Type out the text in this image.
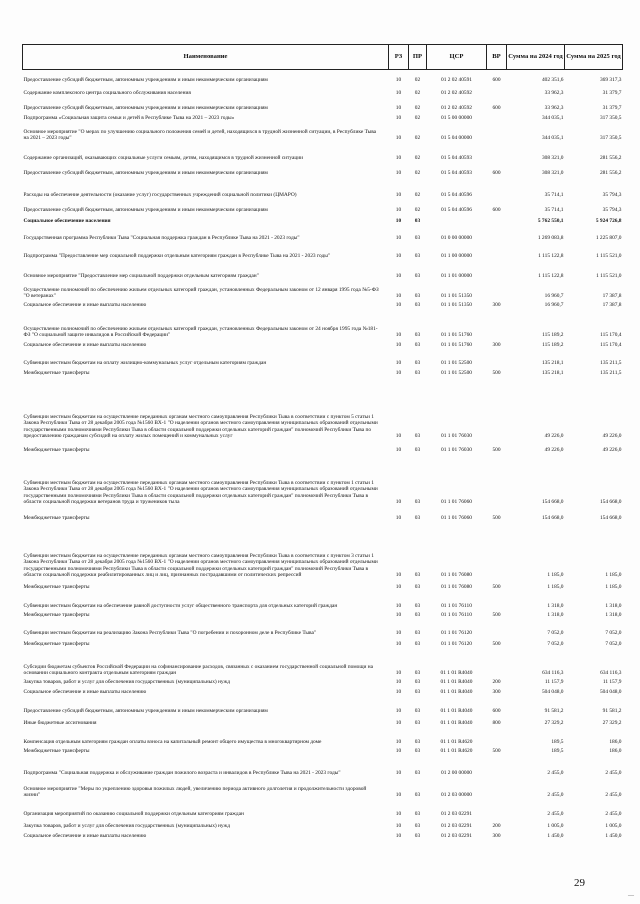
Наименование	РЗ	ПР	ЦСР	ВР	Сумма на 2024 год	Сумма на 2025 год
Предоставление субсидий бюджетным, автономным учреждениям и иным некоммерческим организациям	10	02	01 2 02 40591	600	402 351,6	369 317,3
Содержание комплексного центра социального обслуживания населения	10	02	01 2 02 40592		33 962,3	31 379,7
Предоставление субсидий бюджетным, автономным учреждениям и иным некоммерческим организациям	10	02	01 2 02 40592	600	33 962,3	31 379,7
Подпрограмма «Социальная защита семьи и детей в Республике Тыва на 2021 – 2023 годы»	10	02	01 5 00 00000		344 035,1	317 350,5
Основное мероприятие "О мерах по улучшению социального положения семей и детей, находящихся в трудной жизненной ситуации, в Республике Тыва на 2021 – 2023 годы"	10	02	01 5 04 00000		344 035,1	317 350,5
Содержание организаций, оказывающих социальные услуги семьям, детям, находящимся в трудной жизненной ситуации	10	02	01 5 04 40593		308 321,0	281 556,2
Предоставление субсидий бюджетным, автономным учреждениям и иным некоммерческим организациям	10	02	01 5 04 40593	600	308 321,0	281 556,2
Расходы на обеспечение деятельности (оказание услуг) государственных учреждений социальной политики (ЦМАРО)	10	02	01 5 04 40596		35 714,1	35 794,3
Предоставление субсидий бюджетным, автономным учреждениям и иным некоммерческим организациям	10	02	01 5 04 40596	600	35 714,1	35 794,3
Социальное обеспечение населения	10	03			5 762 550,1	5 924 726,8
Государственная программа Республики Тыва "Социальная поддержка граждан в Республике Тыва на 2021 - 2023 годы"	10	03	01 0 00 00000		1 269 083,8	1 225 807,0
Подпрограмма "Предоставление мер социальной поддержки отдельным категориям граждан в Республике Тыва на 2021 - 2023 годы"	10	03	01 1 00 00000		1 115 122,8	1 115 521,0
Основное мероприятие "Предоставление мер социальной поддержки отдельным категориям граждан"	10	03	01 1 01 00000		1 115 122,8	1 115 521,0
Осуществление полномочий по обеспечению жильем отдельных категорий граждан, установленных Федеральным законом от 12 января 1995 года №5-ФЗ "О ветеранах"	10	03	01 1 01 51350		16 960,7	17 387,8
Социальное обеспечение и иные выплаты населению	10	03	01 1 01 51350	300	16 960,7	17 387,8
Осуществление полномочий по обеспечению жильем отдельных категорий граждан, установленных Федеральным законом от 24 ноября 1995 года №181-ФЗ "О социальной защите инвалидов в Российской Федерации"	10	03	01 1 01 51760		115 189,2	115 170,4
Социальное обеспечение и иные выплаты населению	10	03	01 1 01 51760	300	115 189,2	115 170,4
Субвенции местным бюджетам на оплату жилищно-коммунальных услуг отдельным категориям граждан	10	03	01 1 01 52500		135 218,1	135 211,5
Межбюджетные трансферты	10	03	01 1 01 52500	500	135 218,1	135 211,5
Субвенции местным бюджетам на осуществление переданных органам местного самоуправления Республики Тыва в соответствии с пунктом 5 статьи 1 Закона Республики Тыва от 28 декабря 2005 года №1560 ВХ-1 "О наделении органов местного самоуправления муниципальных образований отдельными государственными полномочиями Республики Тыва в области социальной поддержки отдельных категорий граждан" полномочий Республики Тыва по предоставлению гражданам субсидий на оплату жилых помещений и коммунальных услуг	10	03	01 1 01 76030		49 226,0	49 226,0
Межбюджетные трансферты	10	03	01 1 01 76030	500	49 226,0	49 226,0
Субвенции местным бюджетам на осуществление переданных органам местного самоуправления Республики Тыва в соответствии с пунктом 1 статьи 1 Закона Республики Тыва от 28 декабря 2005 года №1560 ВХ-1 "О наделении органов местного самоуправления муниципальных образований отдельными государственными полномочиями Республики Тыва в области социальной поддержки отдельных категорий граждан" полномочий Республики Тыва в области социальной поддержки ветеранов труда и тружеников тыла	10	03	01 1 01 76060		154 668,0	154 668,0
Межбюджетные трансферты	10	03	01 1 01 76060	500	154 668,0	154 668,0
Субвенции местным бюджетам на осуществление переданных органам местного самоуправления Республики Тыва в соответствии с пунктом 3 статьи 1 Закона Республики Тыва от 28 декабря 2005 года №1560 ВХ-1 "О наделении органов местного самоуправления муниципальных образований отдельными государственными полномочиями Республики Тыва в области социальной поддержки отдельных категорий граждан" полномочий Республики Тыва в области социальной поддержки реабилитированных лиц и лиц, признанных пострадавшими от политических репрессий	10	03	01 1 01 76080		1 185,0	1 185,0
Межбюджетные трансферты	10	03	01 1 01 76080	500	1 185,0	1 185,0
Субвенции местным бюджетам на обеспечение равной доступности услуг общественного транспорта для отдельных категорий граждан	10	03	01 1 01 76110		1 318,0	1 318,0
Межбюджетные трансферты	10	03	01 1 01 76110	500	1 318,0	1 318,0
Субвенции местным бюджетам на реализацию Закона Республики Тыва "О погребении и похоронном деле в Республике Тыва"	10	03	01 1 01 76120		7 052,0	7 052,0
Межбюджетные трансферты	10	03	01 1 01 76120	500	7 052,0	7 052,0
Субсидии бюджетам субъектов Российской Федерации на софинансирование расходов, связанных с оказанием государственной социальной помощи на основании социального контракта отдельным категориям граждан	10	03	01 1 01 R4040		634 116,3	634 116,3
Закупка товаров, работ и услуг для обеспечения государственных (муниципальных) нужд	10	03	01 1 01 R4040	200	11 157,9	11 157,9
Социальное обеспечение и иные выплаты населению	10	03	01 1 01 R4040	300	504 048,0	504 048,0
Предоставление субсидий бюджетным, автономным учреждениям и иным некоммерческим организациям	10	03	01 1 01 R4040	600	91 581,2	91 581,2
Иные бюджетные ассигнования	10	03	01 1 01 R4040	800	27 329,2	27 329,2
Компенсация отдельным категориям граждан оплаты взноса на капитальный ремонт общего имущества в многоквартирном доме	10	03	01 1 01 R4620		189,5	186,0
Межбюджетные трансферты	10	03	01 1 01 R4620	500	189,5	186,0
Подпрограмма "Социальная поддержка и обслуживание граждан пожилого возраста и инвалидов в Республике Тыва на 2021 - 2023 годы"	10	03	01 2 00 00000		2 455,0	2 455,0
Основное мероприятие "Меры по укреплению здоровья пожилых людей, увеличению периода активного долголетия и продолжительности здоровой жизни"	10	03	01 2 03 00000		2 455,0	2 455,0
Организация мероприятий по оказанию социальной поддержки отдельным категориям граждан	10	03	01 2 03 02291		2 455,0	2 455,0
Закупка товаров, работ и услуг для обеспечения государственных (муниципальных) нужд	10	03	01 2 03 02291	200	1 005,0	1 005,0
Социальное обеспечение и иные выплаты населению	10	03	01 2 03 02291	300	1 450,0	1 450,0
29
—
